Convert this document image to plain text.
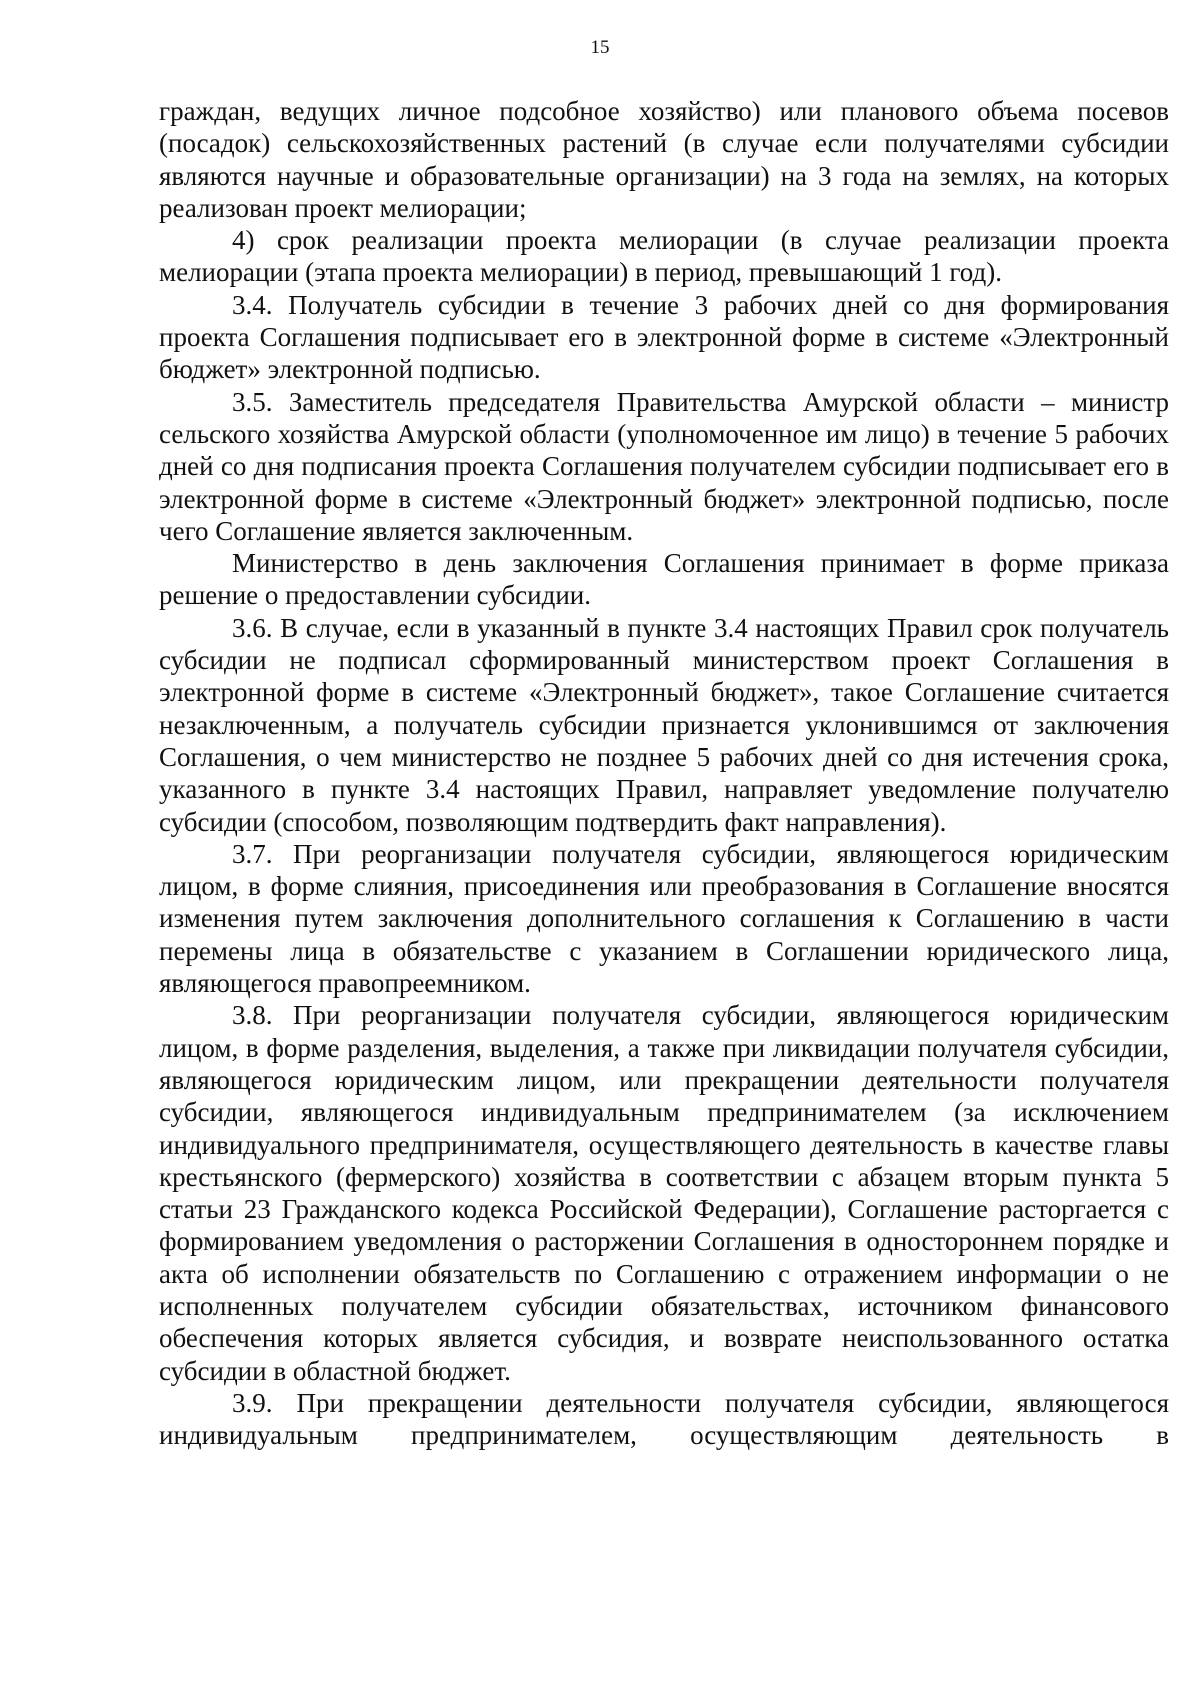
15

граждан, ведущих личное подсобное хозяйство) или планового объема посевов (посадок) сельскохозяйственных растений (в случае если получателями субсидии являются научные и образовательные организации) на 3 года на землях, на которых реализован проект мелиорации;

4) срок реализации проекта мелиорации (в случае реализации проекта мелиорации (этапа проекта мелиорации) в период, превышающий 1 год).

3.4. Получатель субсидии в течение 3 рабочих дней со дня формирования проекта Соглашения подписывает его в электронной форме в системе «Электронный бюджет» электронной подписью.

3.5. Заместитель председателя Правительства Амурской области – министр сельского хозяйства Амурской области (уполномоченное им лицо) в течение 5 рабочих дней со дня подписания проекта Соглашения получателем субсидии подписывает его в электронной форме в системе «Электронный бюджет» электронной подписью, после чего Соглашение является заключенным.

Министерство в день заключения Соглашения принимает в форме приказа решение о предоставлении субсидии.

3.6. В случае, если в указанный в пункте 3.4 настоящих Правил срок получатель субсидии не подписал сформированный министерством проект Соглашения в электронной форме в системе «Электронный бюджет», такое Соглашение считается незаключенным, а получатель субсидии признается уклонившимся от заключения Соглашения, о чем министерство не позднее 5 рабочих дней со дня истечения срока, указанного в пункте 3.4 настоящих Правил, направляет уведомление получателю субсидии (способом, позволяющим подтвердить факт направления).

3.7. При реорганизации получателя субсидии, являющегося юридическим лицом, в форме слияния, присоединения или преобразования в Соглашение вносятся изменения путем заключения дополнительного соглашения к Соглашению в части перемены лица в обязательстве с указанием в Соглашении юридического лица, являющегося правопреемником.

3.8. При реорганизации получателя субсидии, являющегося юридическим лицом, в форме разделения, выделения, а также при ликвидации получателя субсидии, являющегося юридическим лицом, или прекращении деятельности получателя субсидии, являющегося индивидуальным предпринимателем (за исключением индивидуального предпринимателя, осуществляющего деятельность в качестве главы крестьянского (фермерского) хозяйства в соответствии с абзацем вторым пункта 5 статьи 23 Гражданского кодекса Российской Федерации), Соглашение расторгается с формированием уведомления о расторжении Соглашения в одностороннем порядке и акта об исполнении обязательств по Соглашению с отражением информации о не исполненных получателем субсидии обязательствах, источником финансового обеспечения которых является субсидия, и возврате неиспользованного остатка субсидии в областной бюджет.

3.9. При прекращении деятельности получателя субсидии, являющегося индивидуальным предпринимателем, осуществляющим деятельность в
